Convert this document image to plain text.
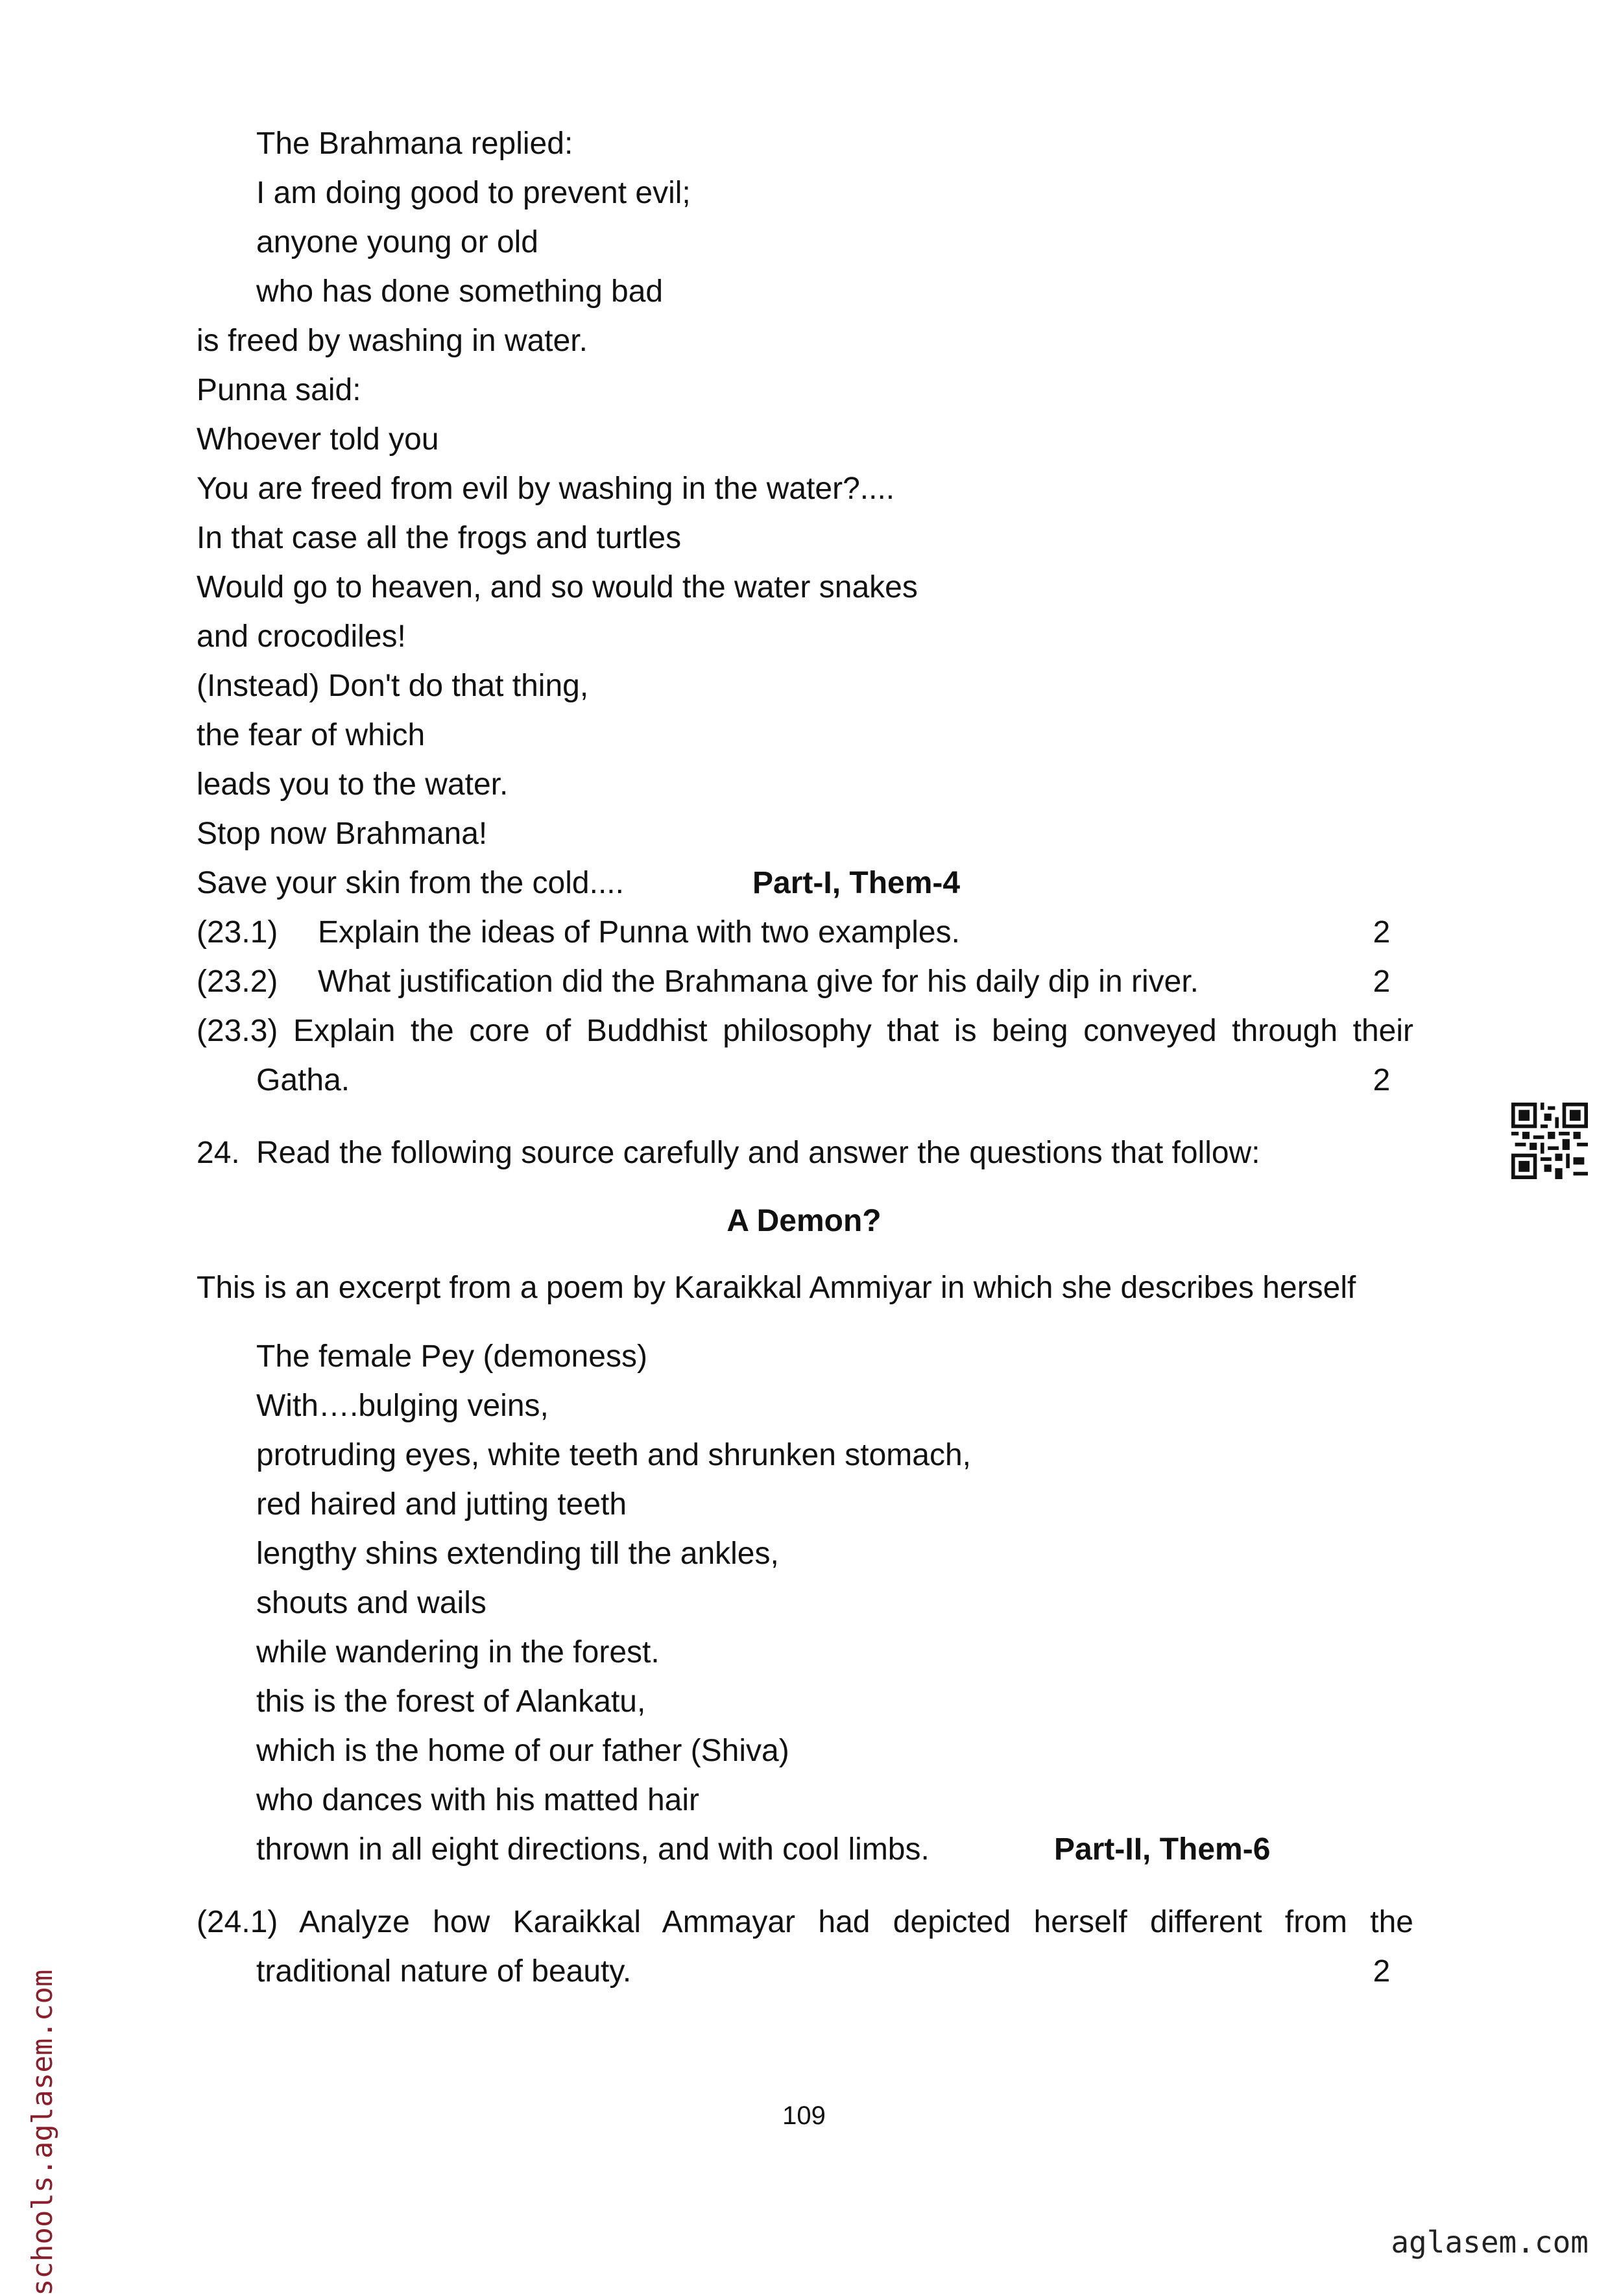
The Brahmana replied:
I am doing good to prevent evil;
anyone young or old
who has done something bad
is freed by washing in water.
Punna said:
Whoever told you
You are freed from evil by washing in the water?....
In that case all the frogs and turtles
Would go to heaven, and so would the water snakes
and crocodiles!
(Instead) Don't do that thing,
the fear of which
leads you to the water.
Stop now Brahmana!
Save your skin from the cold....	Part-I, Them-4
(23.1) Explain the ideas of Punna with two examples.	2
(23.2) What justification did the Brahmana give for his daily dip in river.	2
(23.3) Explain the core of Buddhist philosophy that is being conveyed through their
Gatha.	2
24. Read the following source carefully and answer the questions that follow:
A Demon?
This is an excerpt from a poem by Karaikkal Ammiyar in which she describes herself
The female Pey (demoness)
With….bulging veins,
protruding eyes, white teeth and shrunken stomach,
red haired and jutting teeth
lengthy shins extending till the ankles,
shouts and wails
while wandering in the forest.
this is the forest of Alankatu,
which is the home of our father (Shiva)
who dances with his matted hair
thrown in all eight directions, and with cool limbs.	Part-II, Them-6
(24.1) Analyze how Karaikkal Ammayar had depicted herself different from the
traditional nature of beauty.	2
109
schools.aglasem.com	aglasem.com
